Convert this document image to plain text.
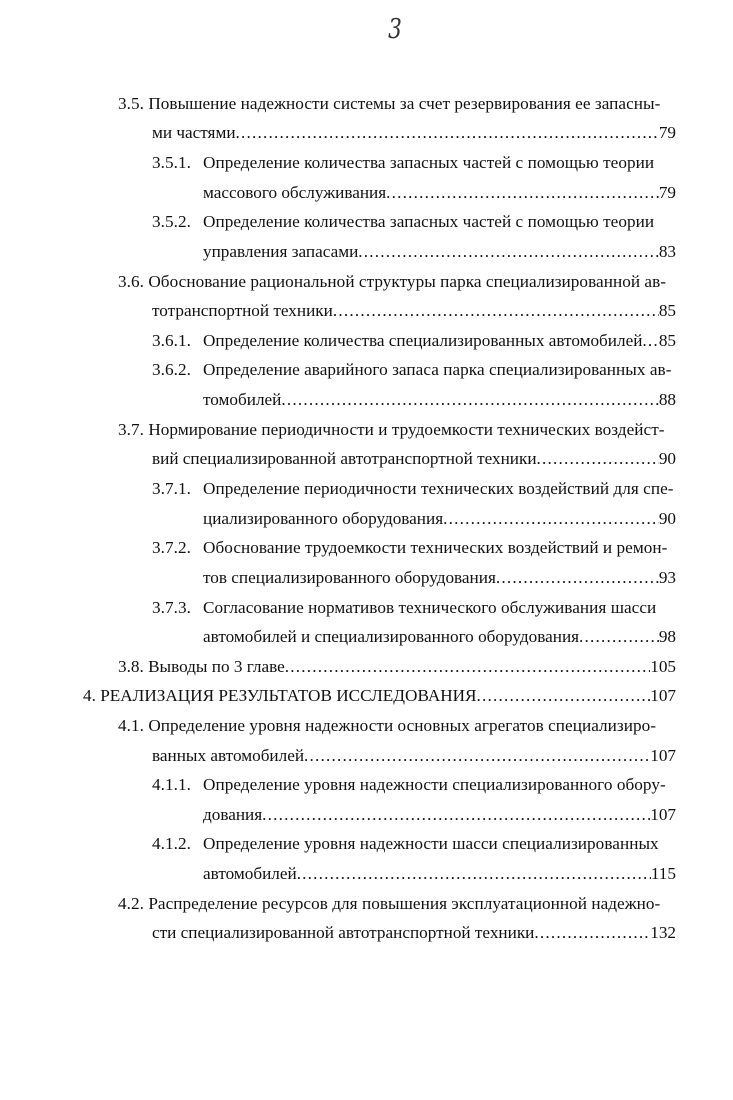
3
3.5. Повышение надежности системы за счет резервирования ее запасны-
ми частями .....	79
3.5.1. Определение количества запасных частей с помощью теории
массового обслуживания .....	79
3.5.2. Определение количества запасных частей с помощью теории
управления запасами .....	83
3.6. Обоснование рациональной структуры парка специализированной ав-
тотранспортной техники .....	85
3.6.1. Определение количества специализированных автомобилей ..... 85
3.6.2. Определение аварийного запаса парка специализированных ав-
томобилей .....	88
3.7. Нормирование периодичности и трудоемкости технических воздейст-
вий специализированной автотранспортной техники .....	90
3.7.1. Определение периодичности технических воздействий для спе-
циализированного оборудования .....	90
3.7.2. Обоснование трудоемкости технических воздействий и ремон-
тов специализированного оборудования .....	93
3.7.3. Согласование нормативов технического обслуживания шасси
автомобилей и специализированного оборудования .....	98
3.8. Выводы по 3 главе .....	105
4. РЕАЛИЗАЦИЯ РЕЗУЛЬТАТОВ ИССЛЕДОВАНИЯ .....	107
4.1. Определение уровня надежности основных агрегатов специализиро-
ванных автомобилей .....	107
4.1.1. Определение уровня надежности специализированного обору-
дования .....	107
4.1.2. Определение уровня надежности шасси специализированных
автомобилей .....	115
4.2. Распределение ресурсов для повышения эксплуатационной надежно-
сти специализированной автотранспортной техники .....	132
